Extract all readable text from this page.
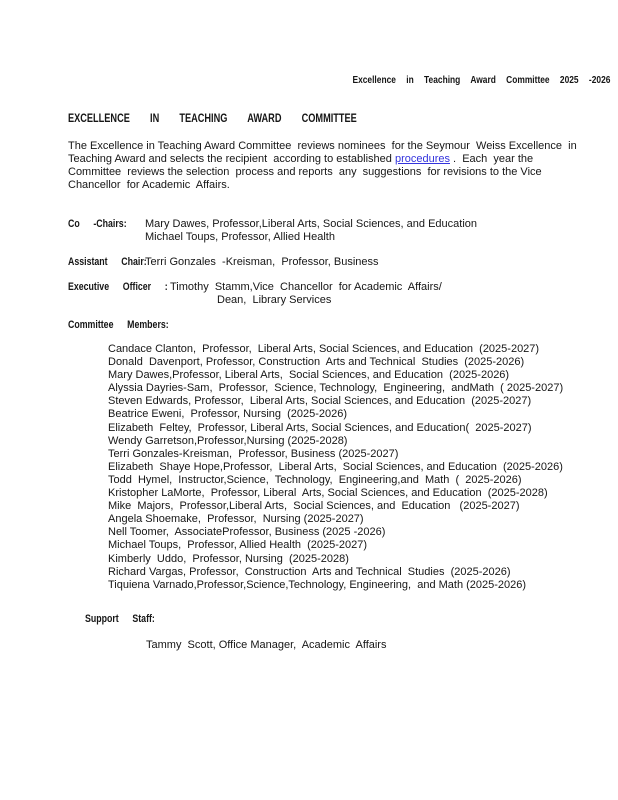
Excellence in Teaching Award Committee 2025 -2026
EXCELLENCE IN TEACHING AWARD COMMITTEE
The Excellence in Teaching Award Committee  reviews nominees  for the Seymour  Weiss Excellence  in
Teaching Award and selects the recipient  according to established procedures .  Each  year the
Committee  reviews the selection  process and reports  any  suggestions  for revisions to the Vice
Chancellor  for Academic  Affairs.
Co -Chairs:	Mary Dawes, Professor,Liberal Arts, Social Sciences, and Education
Michael Toups, Professor, Allied Health
Assistant Chair:
Terri Gonzales  -Kreisman,  Professor, Business
Executive Officer : Timothy  Stamm,Vice  Chancellor  for Academic  Affairs/
Dean,  Library Services
Committee Members:
Candace Clanton,  Professor,  Liberal Arts, Social Sciences, and Education  (2025-2027)
Donald  Davenport, Professor, Construction  Arts and Technical  Studies  (2025-2026)
Mary Dawes,Professor, Liberal Arts,  Social Sciences, and Education  (2025-2026)
Alyssia Dayries-Sam,  Professor,  Science, Technology,  Engineering,  andMath  ( 2025-2027)
Steven Edwards, Professor,  Liberal Arts, Social Sciences, and Education  (2025-2027)
Beatrice Eweni,  Professor, Nursing  (2025-2026)
Elizabeth  Feltey,  Professor, Liberal Arts, Social Sciences, and Education(  2025-2027)
Wendy Garretson,Professor,Nursing (2025-2028)
Terri Gonzales-Kreisman,  Professor, Business (2025-2027)
Elizabeth  Shaye Hope,Professor,  Liberal Arts,  Social Sciences, and Education  (2025-2026)
Todd  Hymel,  Instructor,Science,  Technology,  Engineering,and  Math  (  2025-2026)
Kristopher LaMorte,  Professor, Liberal  Arts, Social Sciences, and Education  (2025-2028)
Mike  Majors,  Professor,Liberal Arts,  Social Sciences, and  Education   (2025-2027)
Angela Shoemake,  Professor,  Nursing (2025-2027)
Nell Toomer,  AssociateProfessor, Business (2025 -2026)
Michael Toups,  Professor, Allied Health  (2025-2027)
Kimberly  Uddo,  Professor, Nursing  (2025-2028)
Richard Vargas, Professor,  Construction  Arts and Technical  Studies  (2025-2026)
Tiquiena Varnado,Professor,Science,Technology, Engineering,  and Math (2025-2026)
Support Staff:
Tammy  Scott, Office Manager,  Academic  Affairs
